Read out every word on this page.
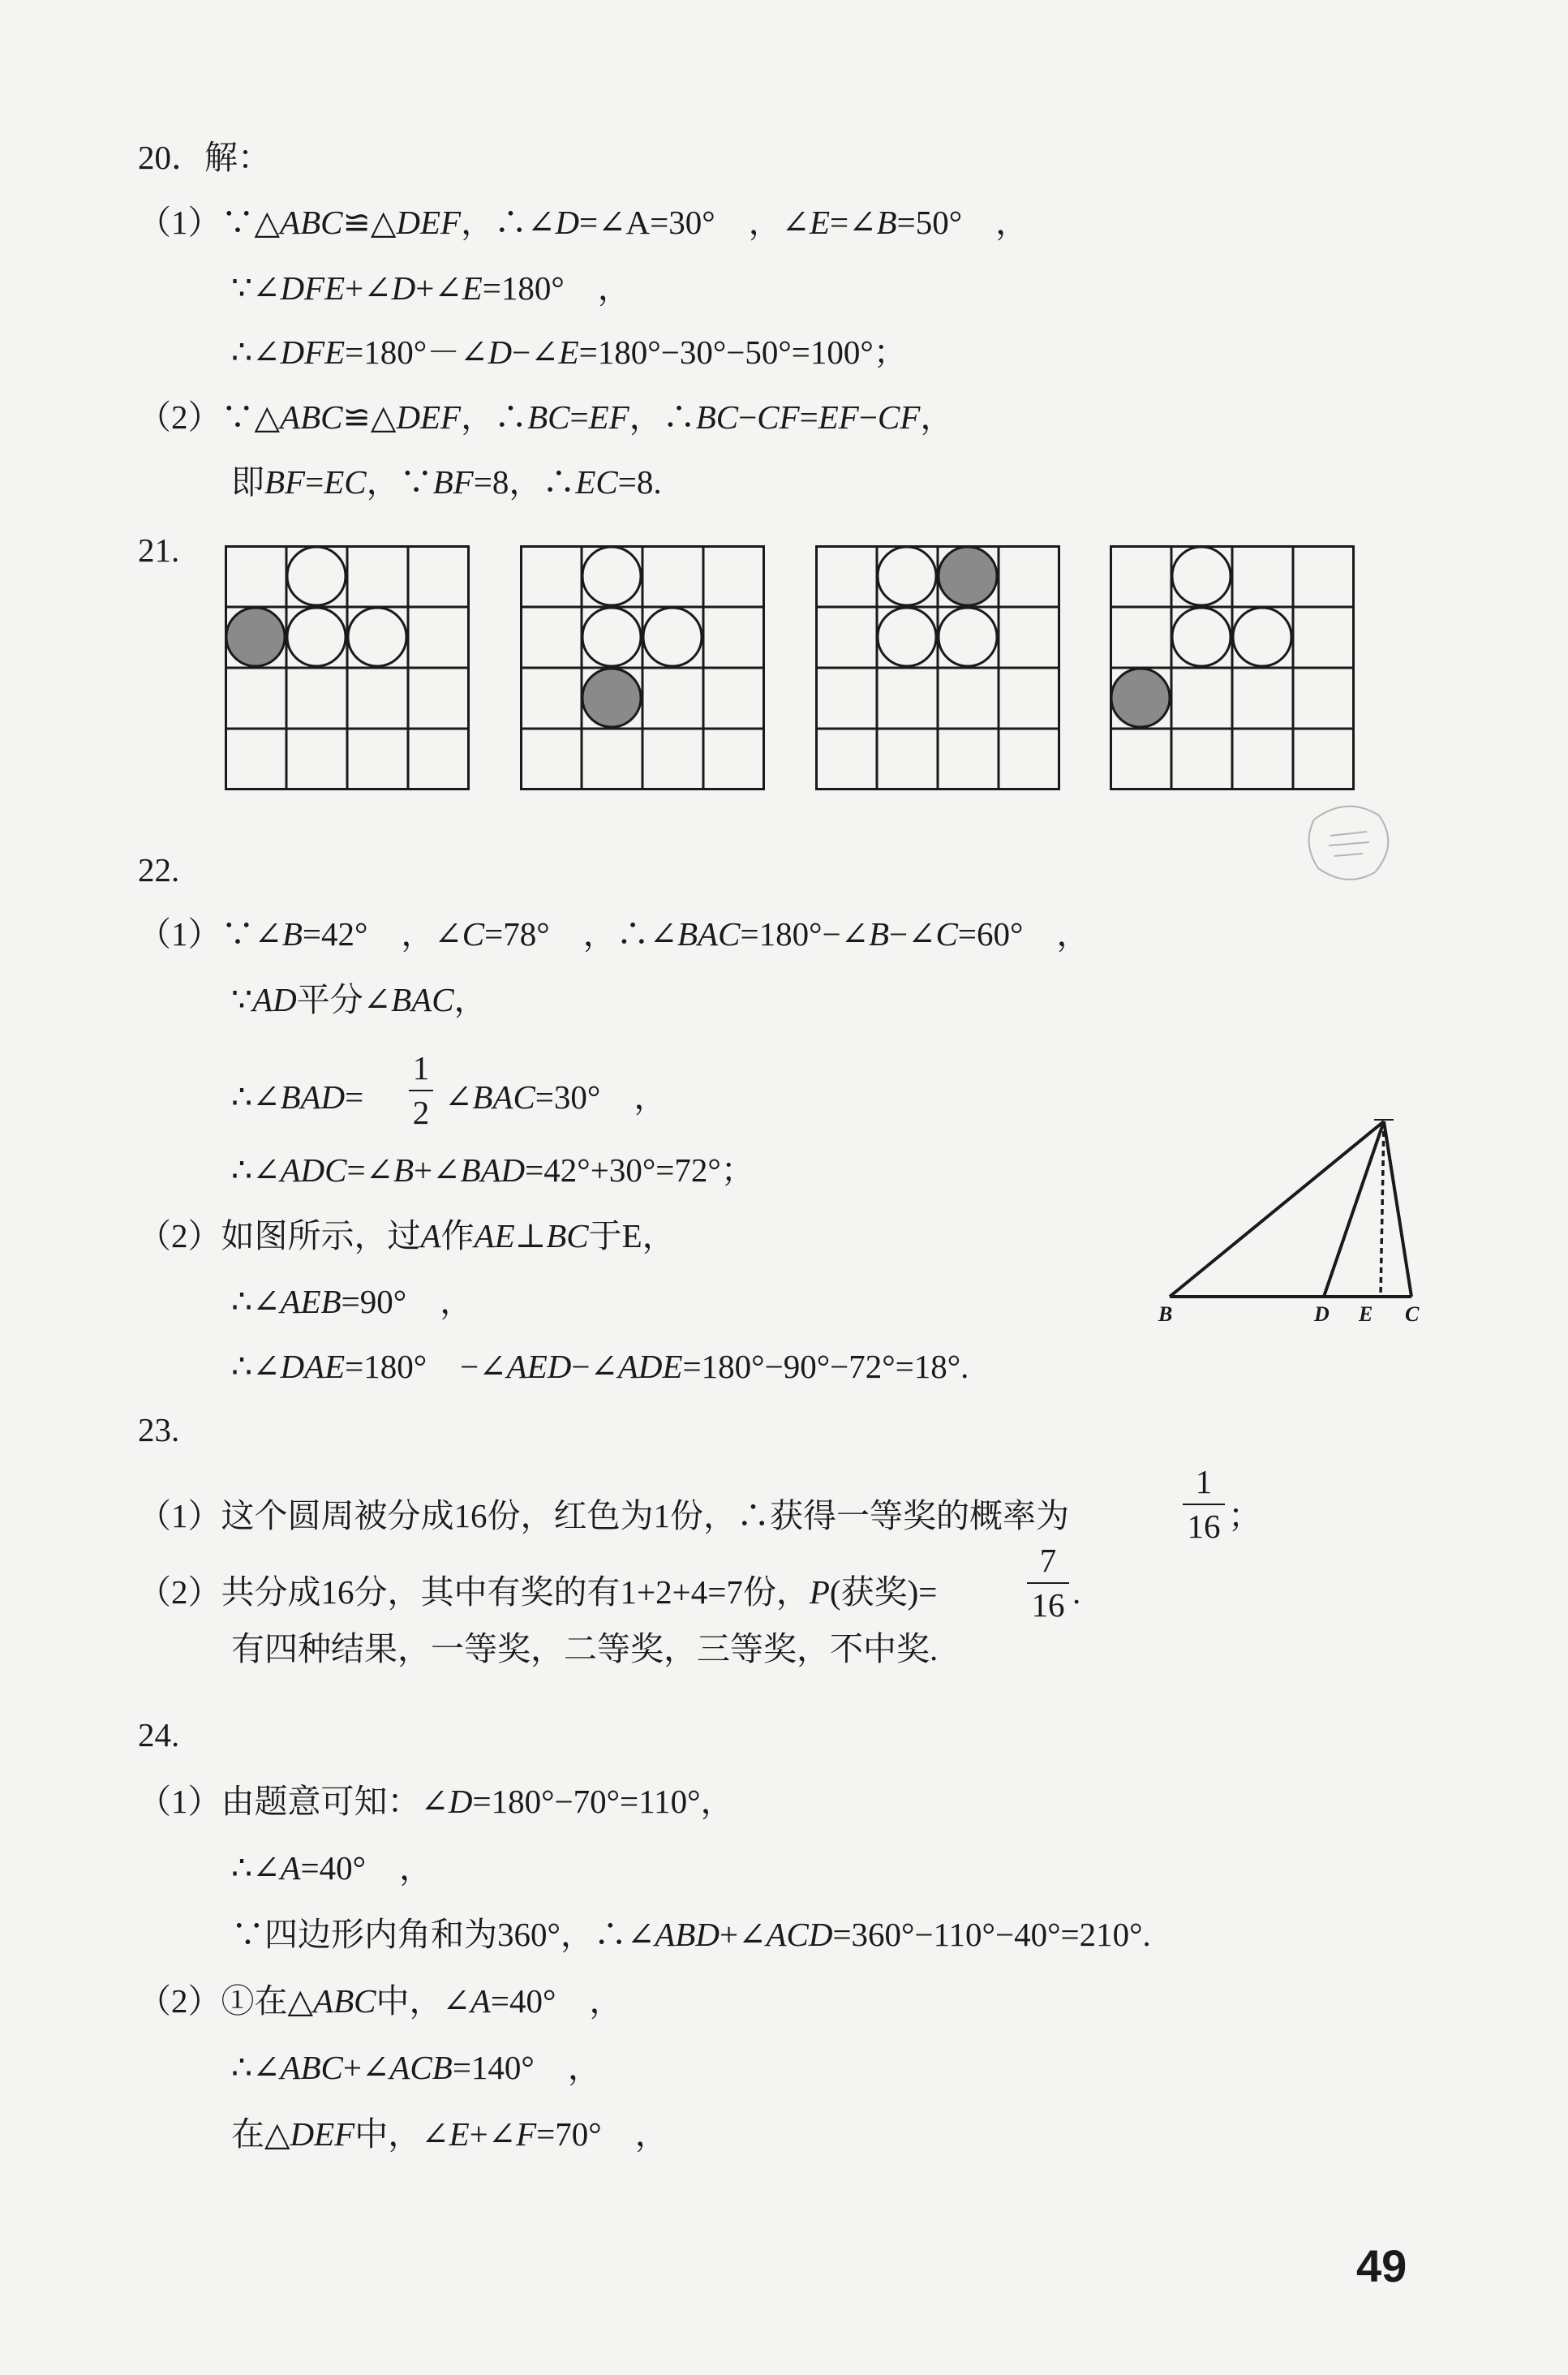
20．解：
（1）∵△ABC≌△DEF，∴∠D=∠A=30°　，∠E=∠B=50°　，
∵∠DFE+∠D+∠E=180°　，
∴∠DFE=180°－∠D−∠E=180°−30°−50°=100°；
（2）∵△ABC≌△DEF，∴BC=EF，∴BC−CF=EF−CF，
即BF=EC，∵BF=8，∴EC=8.
21.
22.
（1）∵∠B=42°　，∠C=78°　，∴∠BAC=180°−∠B−∠C=60°　，
∵AD平分∠BAC，
∴∠BAD=
1
2 ∠BAC=30°　，
∴∠ADC=∠B+∠BAD=42°+30°=72°；
（2）如图所示，过A作AE⊥BC于E，
∴∠AEB=90°　，
∴∠DAE=180°　−∠AED−∠ADE=180°−90°−72°=18°.
B	D E C
23.
（1）这个圆周被分成16份，红色为1份，∴获得一等奖的概率为
1
16 ；
（2）共分成16分，其中有奖的有1+2+4=7份，P(获奖)=
7
16 .
有四种结果，一等奖，二等奖，三等奖，不中奖.
24.
（1）由题意可知：∠D=180°−70°=110°，
∴∠A=40°　，
∵四边形内角和为360°，∴∠ABD+∠ACD=360°−110°−40°=210°.
（2）①在△ABC中，∠A=40°　，
∴∠ABC+∠ACB=140°　，
在△DEF中，∠E+∠F=70°　，
49
